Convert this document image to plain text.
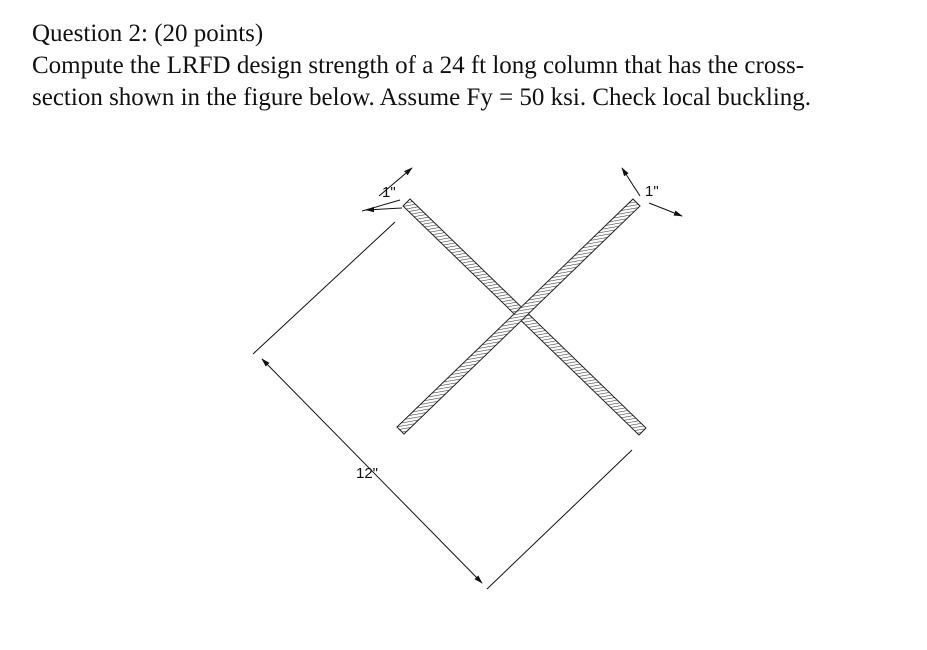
Question 2: (20 points)

Compute the LRFD design strength of a 24 ft long column that has the cross-

section shown in the figure below. Assume Fy = 50 ksi. Check local buckling.

12"
1"	1"
